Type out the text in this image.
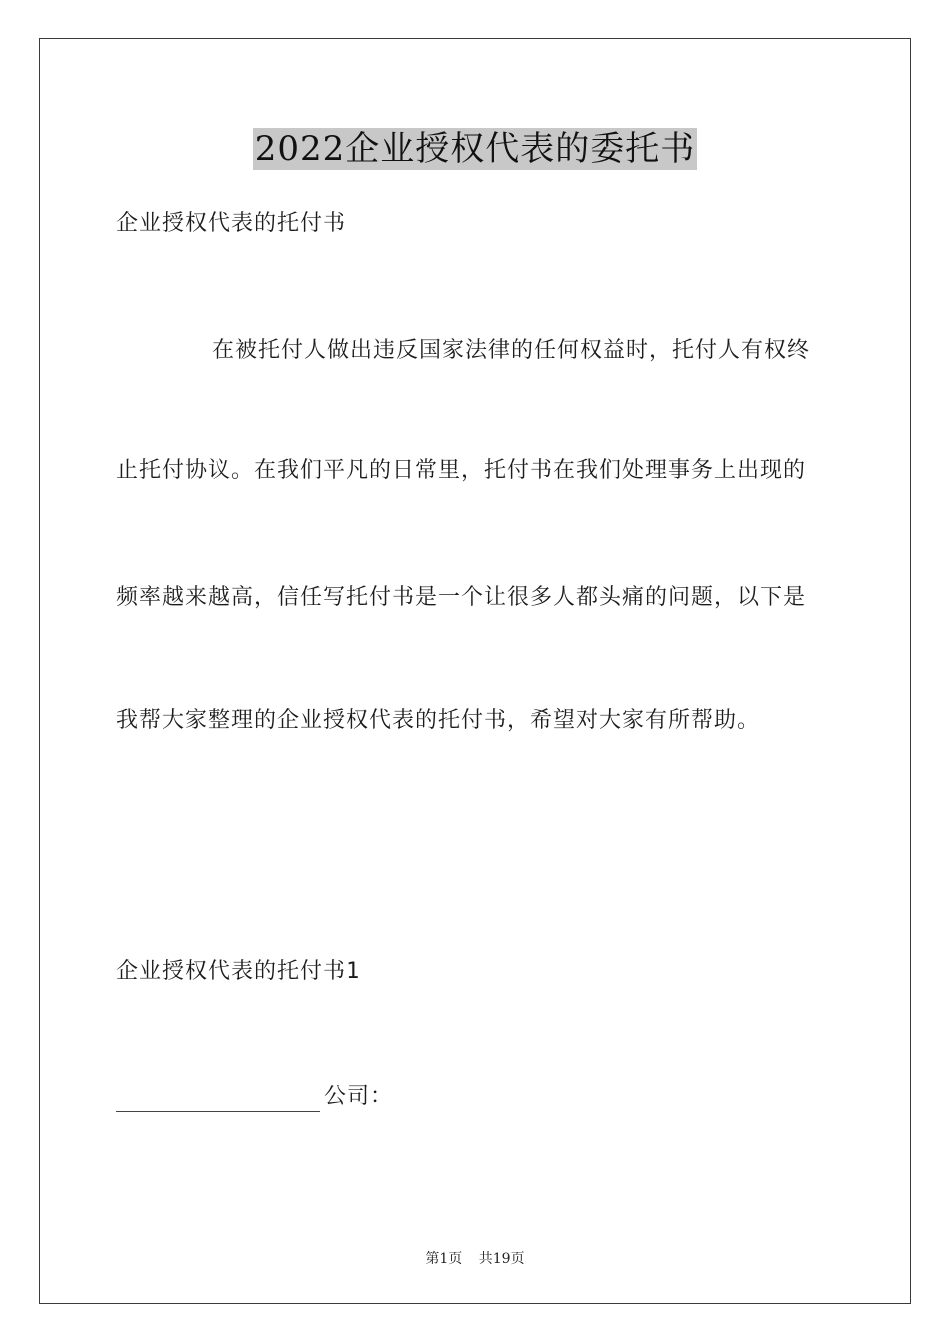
2022企业授权代表的委托书
企业授权代表的托付书
在被托付人做出违反国家法律的任何权益时，托付人有权终
止托付协议。在我们平凡的日常里，托付书在我们处理事务上出现的
频率越来越高，信任写托付书是一个让很多人都头痛的问题，以下是
我帮大家整理的企业授权代表的托付书，希望对大家有所帮助。
企业授权代表的托付书1
公司：
第1页 共19页
